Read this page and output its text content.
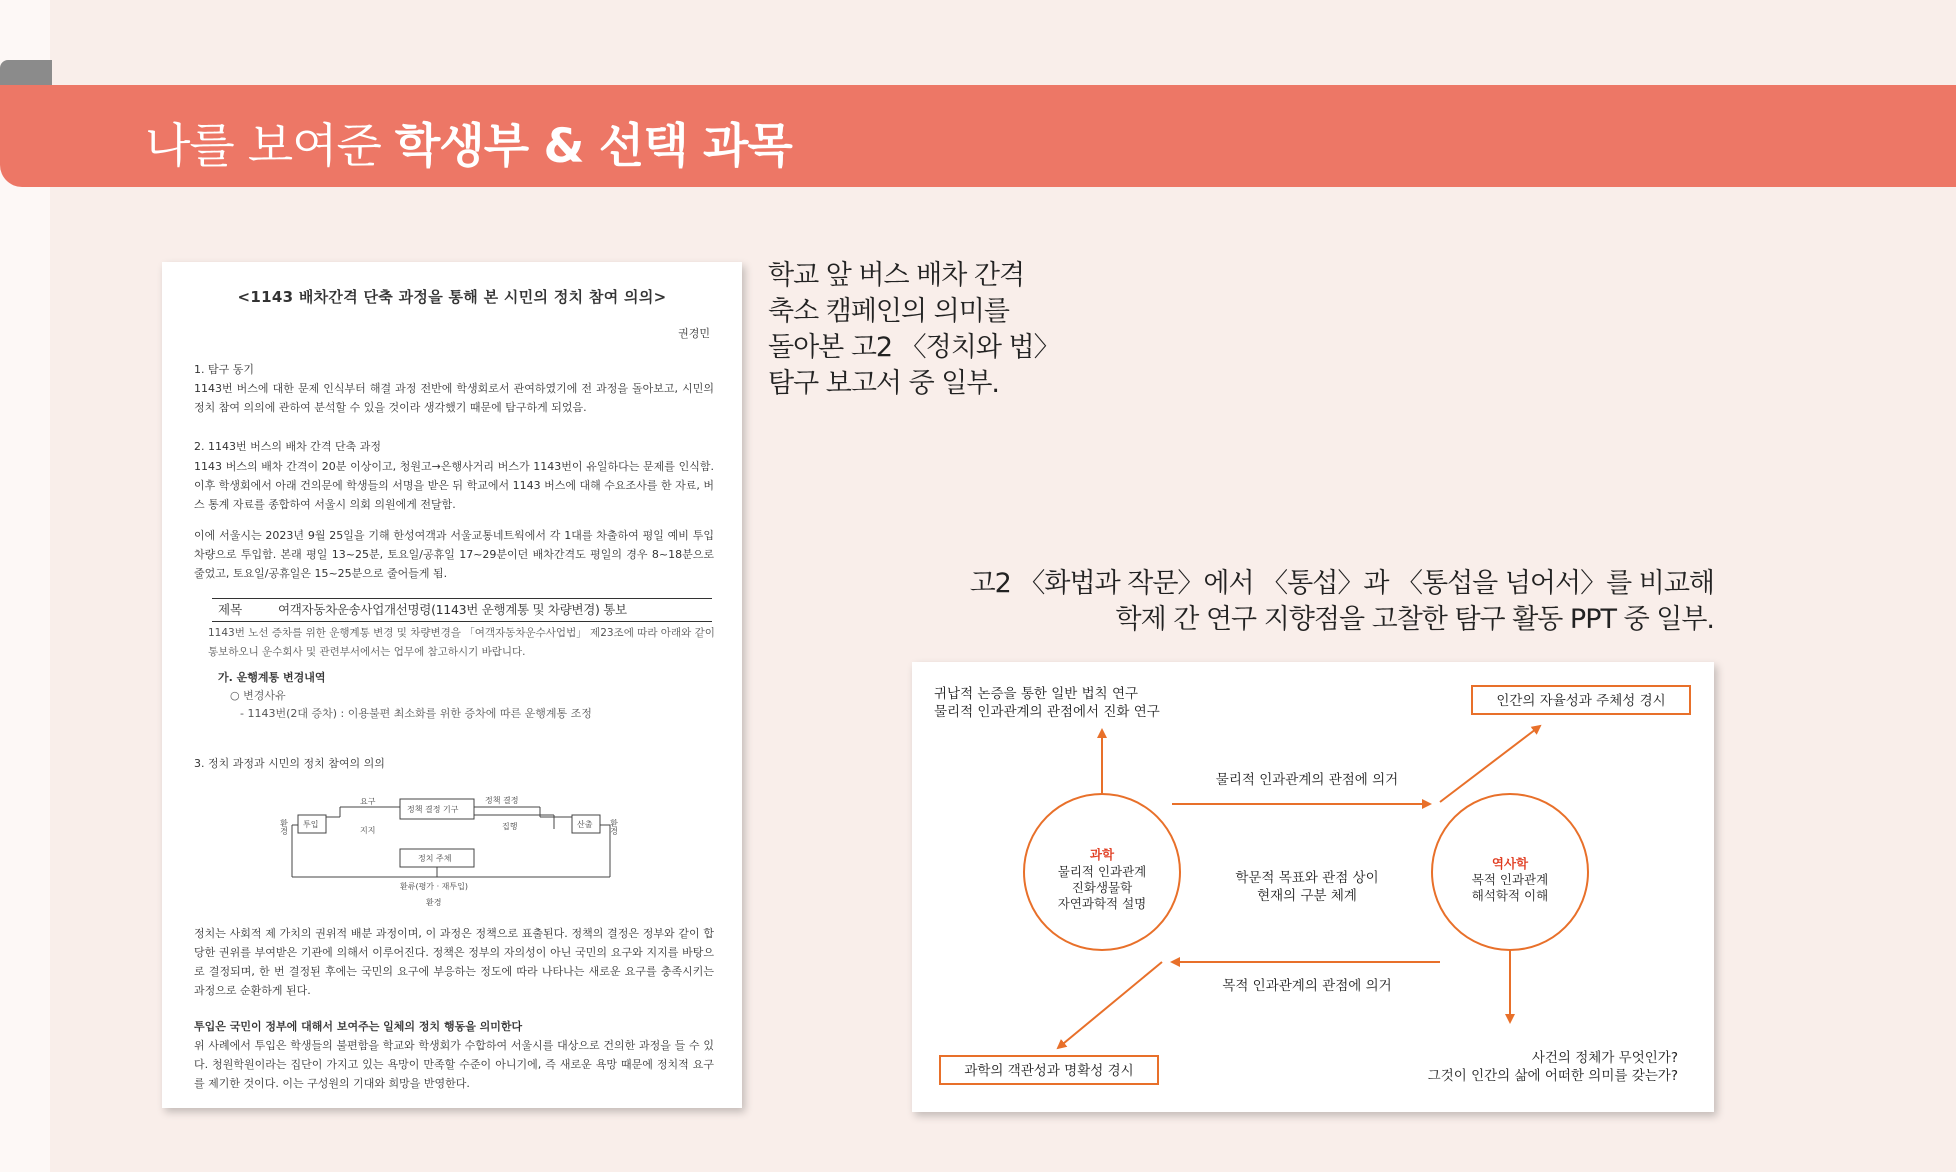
나를 보여준 학생부 & 선택 과목
<1143 배차간격 단축 과정을 통해 본 시민의 정치 참여 의의>
권경민
1. 탐구 동기
1143번 버스에 대한 문제 인식부터 해결 과정 전반에 학생회로서 관여하였기에 전 과정을 돌아보고, 시민의 정치 참여 의의에 관하여 분석할 수 있을 것이라 생각했기 때문에 탐구하게 되었음.
2. 1143번 버스의 배차 간격 단축 과정
1143 버스의 배차 간격이 20분 이상이고, 청원고→은행사거리 버스가 1143번이 유일하다는 문제를 인식함. 이후 학생회에서 아래 건의문에 학생들의 서명을 받은 뒤 학교에서 1143 버스에 대해 수요조사를 한 자료, 버스 통계 자료를 종합하여 서울시 의회 의원에게 전달함.
이에 서울시는 2023년 9월 25일을 기해 한성여객과 서울교통네트웍에서 각 1대를 차출하여 평일 예비 투입 차량으로 투입함. 본래 평일 13~25분, 토요일/공휴일 17~29분이던 배차간격도 평일의 경우 8~18분으로 줄었고, 토요일/공휴일은 15~25분으로 줄어들게 됨.
제목	여객자동차운송사업개선명령(1143번 운행계통 및 차량변경) 통보
1143번 노선 증차를 위한 운행계통 변경 및 차량변경을 「여객자동차운수사업법」 제23조에 따라 아래와 같이 통보하오니 운수회사 및 관련부서에서는 업무에 참고하시기 바랍니다.
가. 운행계통 변경내역
○ 변경사유
- 1143번(2대 증차) : 이용불편 최소화를 위한 증차에 따른 운행계통 조정
3. 정치 과정과 시민의 정치 참여의 의의
환경	환경
투입	산출
요구
지지
정책 결정
집행
정책 결정 기구
정치 주체
환류(평가 · 재투입)
환경
정치는 사회적 제 가치의 권위적 배분 과정이며, 이 과정은 정책으로 표출된다. 정책의 결정은 정부와 같이 합당한 권위를 부여받은 기관에 의해서 이루어진다. 정책은 정부의 자의성이 아닌 국민의 요구와 지지를 바탕으로 결정되며, 한 번 결정된 후에는 국민의 요구에 부응하는 정도에 따라 나타나는 새로운 요구를 충족시키는 과정으로 순환하게 된다.
투입은 국민이 정부에 대해서 보여주는 일체의 정치 행동을 의미한다
위 사례에서 투입은 학생들의 불편함을 학교와 학생회가 수합하여 서울시를 대상으로 건의한 과정을 들 수 있다. 청원학원이라는 집단이 가지고 있는 욕망이 만족할 수준이 아니기에, 즉 새로운 욕망 때문에 정치적 요구를 제기한 것이다. 이는 구성원의 기대와 희망을 반영한다.
학교 앞 버스 배차 간격
축소 캠페인의 의미를
돌아본 고2 〈정치와 법〉
탐구 보고서 중 일부.
고2 〈화법과 작문〉에서 〈통섭〉과 〈통섭을 넘어서〉를 비교해
학제 간 연구 지향점을 고찰한 탐구 활동 PPT 중 일부.
귀납적 논증을 통한 일반 법칙 연구
물리적 인과관계의 관점에서 진화 연구
인간의 자율성과 주체성 경시
물리적 인과관계의 관점에 의거
학문적 목표와 관점 상이
현재의 구분 체계
목적 인과관계의 관점에 의거
과학의 객관성과 명확성 경시
사건의 정체가 무엇인가?
그것이 인간의 삶에 어떠한 의미를 갖는가?
과학
물리적 인과관계
진화생물학
자연과학적 설명
역사학
목적 인과관계
해석학적 이해
